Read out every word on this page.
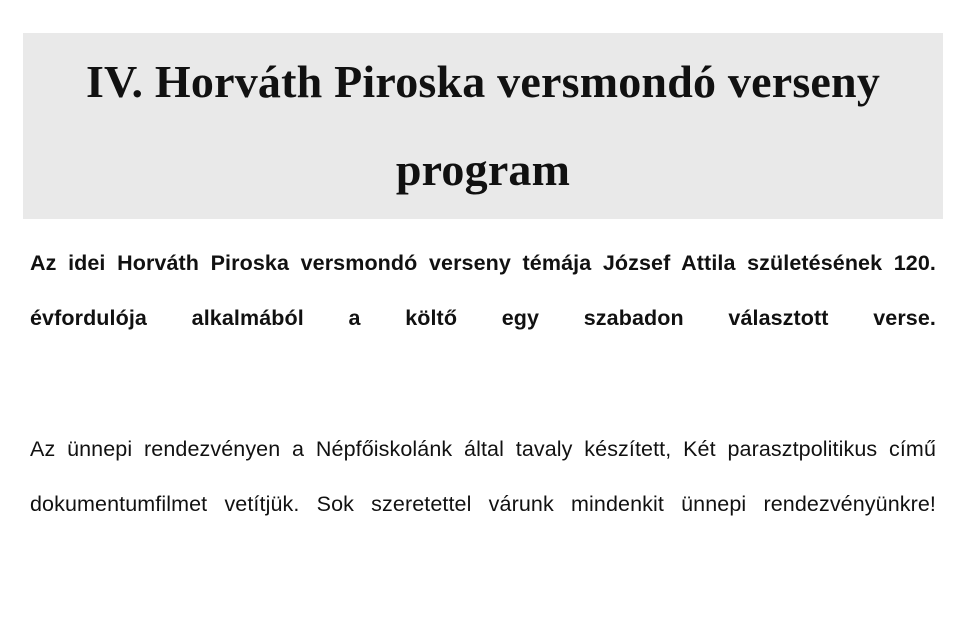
IV. Horváth Piroska versmondó verseny program

Az idei Horváth Piroska versmondó verseny témája József Attila születésének 120. évfordulója alkalmából a költő egy szabadon választott verse.

Az ünnepi rendezvényen a Népfőiskolánk által tavaly készített, Két parasztpolitikus című dokumentumfilmet vetítjük. Sok szeretettel várunk mindenkit ünnepi rendezvényünkre!
